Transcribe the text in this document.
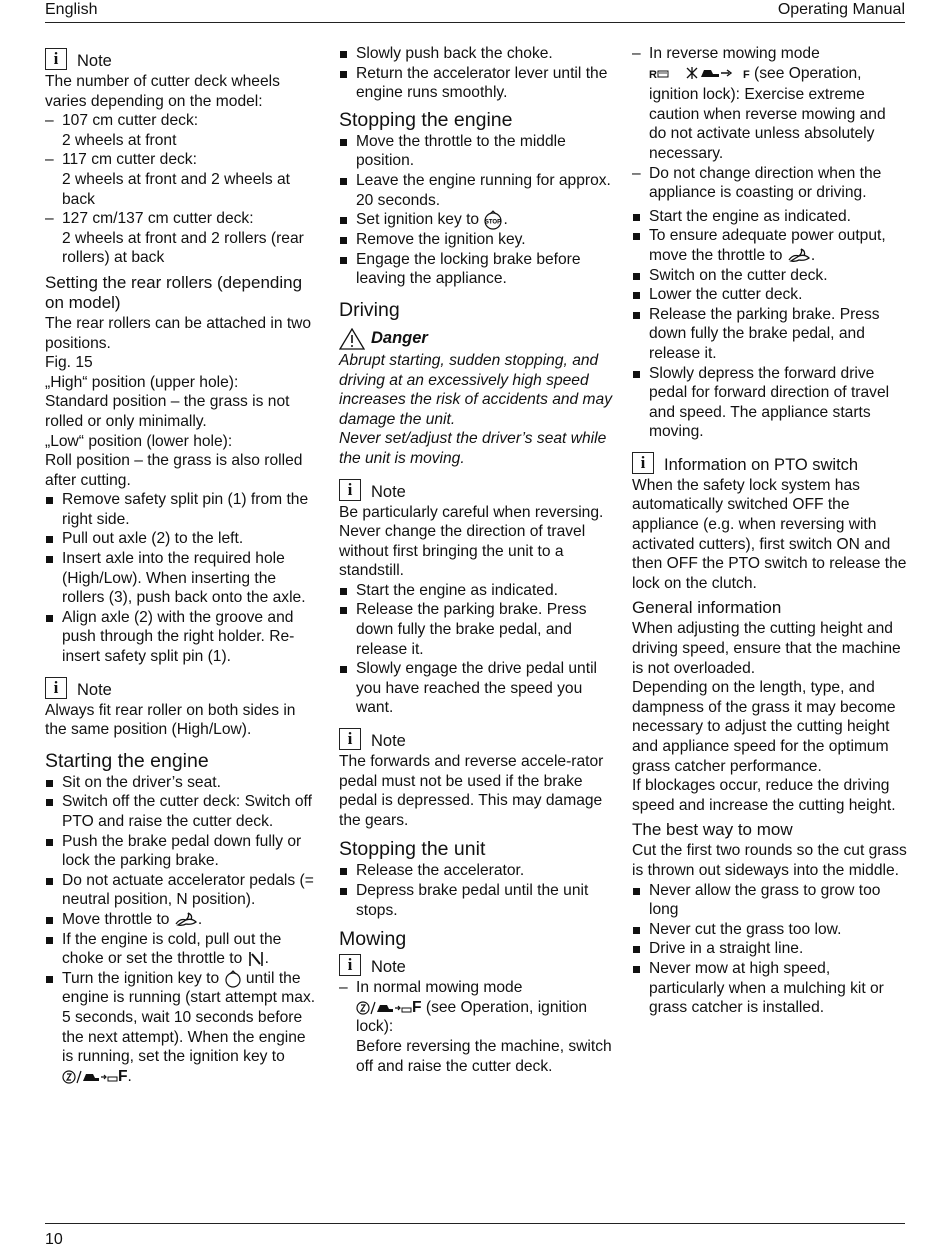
English	Operating Manual
i	Note

The number of cutter deck wheels varies depending on the model:

– 107 cm cutter deck:
2 wheels at front
– 117 cm cutter deck:
2 wheels at front and 2 wheels at back
– 127 cm/137 cm cutter deck:
2 wheels at front and 2 rollers (rear rollers) at back
Setting the rear rollers (depending on model)

The rear rollers can be attached in two positions.

Fig. 15

„High“ position (upper hole):

Standard position – the grass is not rolled or only minimally.

„Low“ position (lower hole):

Roll position – the grass is also rolled after cutting.

Remove safety split pin (1) from the right side.
Pull out axle (2) to the left.
Insert axle into the required hole (High/Low). When inserting the rollers (3), push back onto the axle.
Align axle (2) with the groove and push through the right holder. Re-insert safety split pin (1).
i	Note

Always fit rear roller on both sides in the same position (High/Low).

Starting the engine
Sit on the driver’s seat.
Switch off the cutter deck: Switch off PTO and raise the cutter deck.
Push the brake pedal down fully or lock the parking brake.
Do not actuate accelerator pedals (= neutral position, N position).
Move throttle to .
If the engine is cold, pull out the choke or set the throttle to .
Turn the ignition key to until the engine is running (start attempt max. 5 seconds, wait 10 seconds before the next attempt). When the engine is running, set the ignition key to F.
Slowly push back the choke.
Return the accelerator lever until the engine runs smoothly.
Stopping the engine
Move the throttle to the middle position.
Leave the engine running for approx. 20 seconds.
Set ignition key to STOP .
Remove the ignition key.
Engage the locking brake before leaving the appliance.
Driving
Danger

Abrupt starting, sudden stopping, and driving at an excessively high speed increases the risk of accidents and may damage the unit.

Never set/adjust the driver’s seat while the unit is moving.

i	Note

Be particularly careful when reversing. Never change the direction of travel without first bringing the unit to a standstill.

Start the engine as indicated.
Release the parking brake. Press down fully the brake pedal, and release it.
Slowly engage the drive pedal until you have reached the speed you want.
i	Note

The forwards and reverse accele-rator pedal must not be used if the brake pedal is depressed. This may damage the gears.

Stopping the unit
Release the accelerator.
Depress brake pedal until the unit stops.
Mowing
i	Note
– In normal mowing mode
F (see Operation, ignition lock):
Before reversing the machine, switch off and raise the cutter deck.
– In reverse mowing mode
R	F (see Operation, ignition lock): Exercise extreme caution when reverse mowing and do not activate unless absolutely necessary.
– Do not change direction when the appliance is coasting or driving.
Start the engine as indicated.
To ensure adequate power output, move the throttle to .
Switch on the cutter deck.
Lower the cutter deck.
Release the parking brake. Press down fully the brake pedal, and release it.
Slowly depress the forward drive pedal for forward direction of travel and speed. The appliance starts moving.
i	Information on PTO switch

When the safety lock system has automatically switched OFF the appliance (e.g. when reversing with activated cutters), first switch ON and then OFF the PTO switch to release the lock on the clutch.

General information

When adjusting the cutting height and driving speed, ensure that the machine is not overloaded.

Depending on the length, type, and dampness of the grass it may become necessary to adjust the cutting height and appliance speed for the optimum grass catcher performance.

If blockages occur, reduce the driving speed and increase the cutting height.

The best way to mow

Cut the first two rounds so the cut grass is thrown out sideways into the middle.

Never allow the grass to grow too long
Never cut the grass too low.
Drive in a straight line.
Never mow at high speed, particularly when a mulching kit or grass catcher is installed.
10
